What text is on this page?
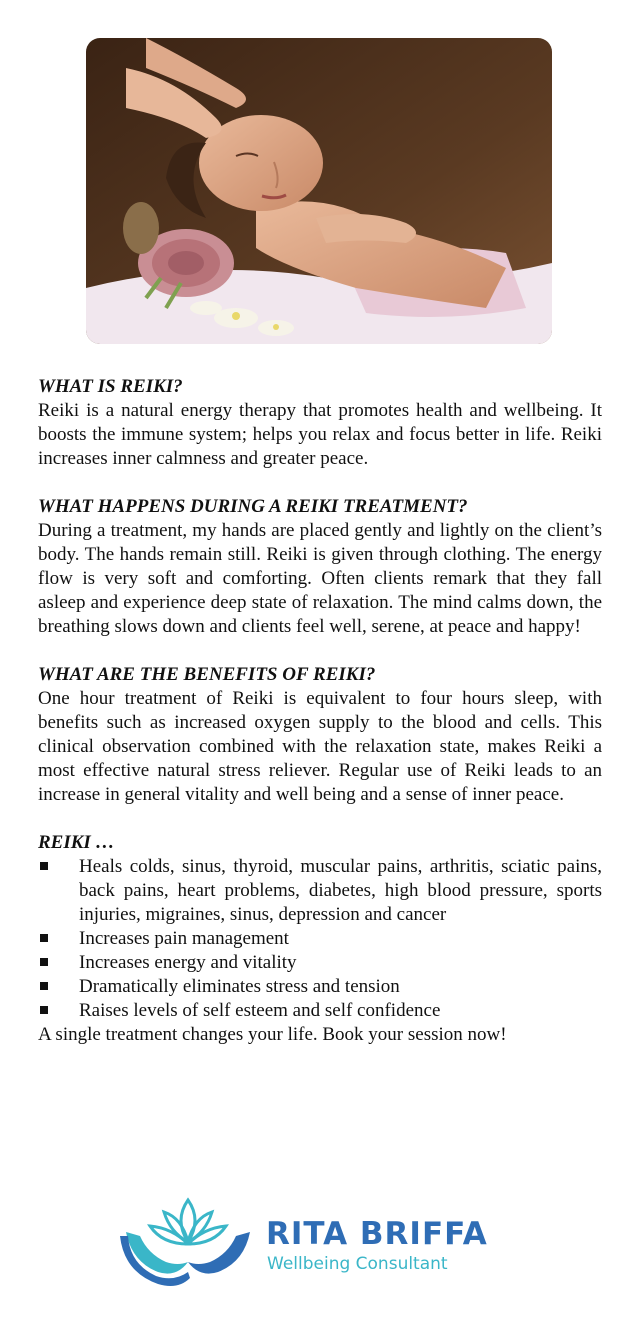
WHAT IS REIKI?

Reiki is a natural energy therapy that promotes health and wellbeing. It boosts the immune system; helps you relax and focus better in life. Reiki increases inner calmness and greater peace.

WHAT HAPPENS DURING A REIKI TREATMENT?

During a treatment, my hands are placed gently and lightly on the client’s body. The hands remain still. Reiki is given through clothing. The energy flow is very soft and comforting. Often clients remark that they fall asleep and experience deep state of relaxation. The mind calms down, the breathing slows down and clients feel well, serene, at peace and happy!

WHAT ARE THE BENEFITS OF REIKI?

One hour treatment of Reiki is equivalent to four hours sleep, with benefits such as increased oxygen supply to the blood and cells. This clinical observation combined with the relaxation state, makes Reiki a most effective natural stress reliever. Regular use of Reiki leads to an increase in general vitality and well being and a sense of inner peace.

REIKI …

Heals colds, sinus, thyroid, muscular pains, arthritis, sciatic pains, back pains, heart problems, diabetes, high blood pressure, sports injuries, migraines, sinus, depression and cancer
Increases pain management
Increases energy and vitality
Dramatically eliminates stress and tension
Raises levels of self esteem and self confidence

A single treatment changes your life. Book your session now!

RITA BRIFFA
Wellbeing Consultant
